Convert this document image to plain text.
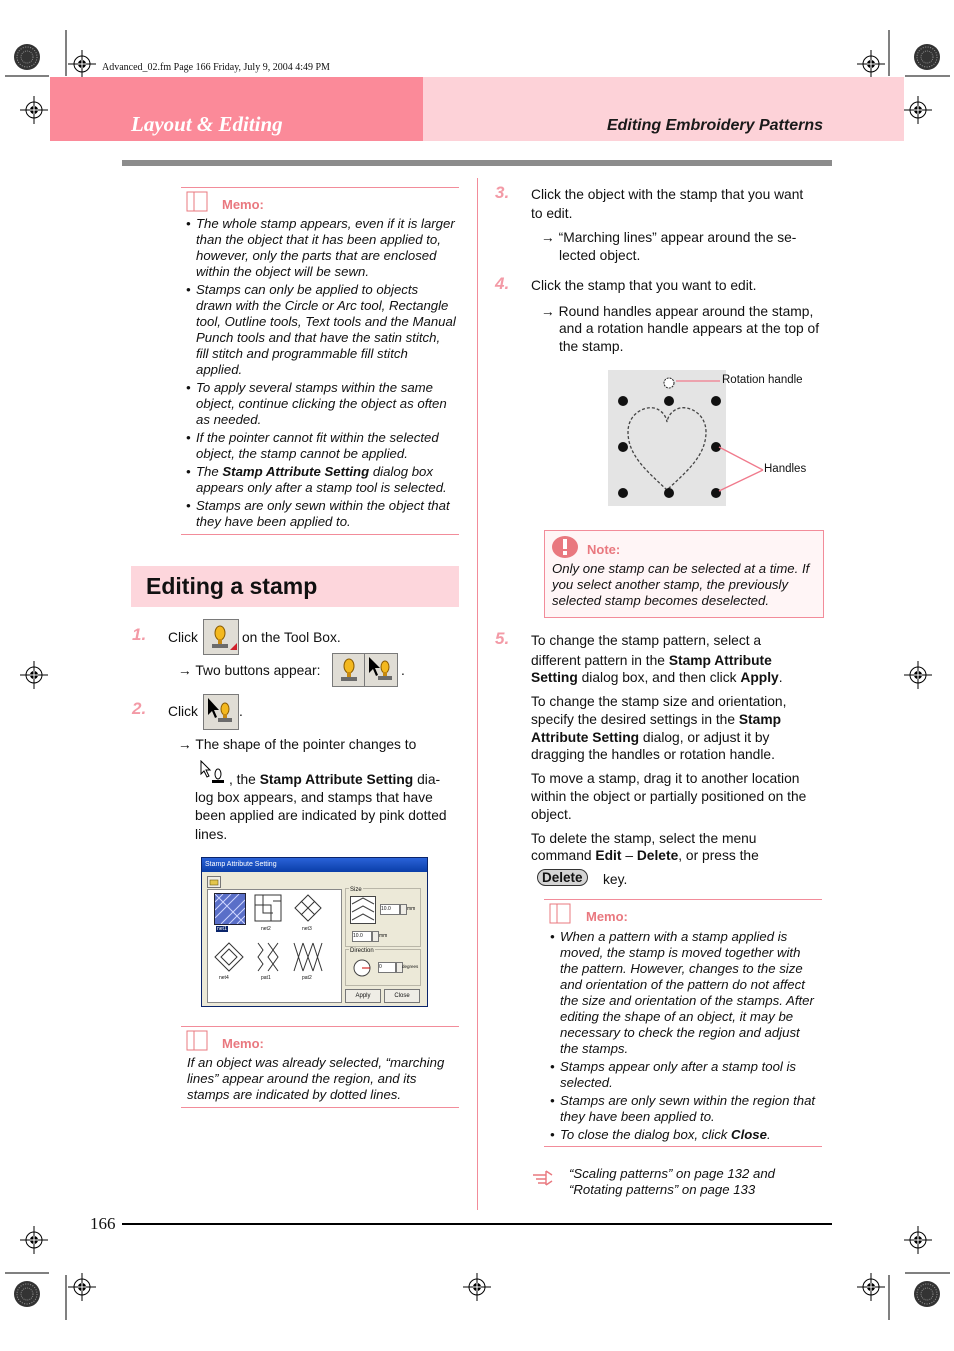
Advanced_02.fm Page 166 Friday, July 9, 2004 4:49 PM
Layout & Editing	Editing Embroidery Patterns
Memo:
• The whole stamp appears, even if it is larger than the object that it has been applied to, however, only the parts that are enclosed within the object will be sewn.
• Stamps can only be applied to objects drawn with the Circle or Arc tool, Rectangle tool, Outline tools, Text tools and the Manual Punch tools and that have the satin stitch, fill stitch and programmable fill stitch applied.
• To apply several stamps within the same object, continue clicking the object as often as needed.
• If the pointer cannot fit within the selected object, the stamp cannot be applied.
• The Stamp Attribute Setting dialog box appears only after a stamp tool is selected.
• Stamps are only sewn within the object that they have been applied to.
Editing a stamp
1. Click	on the Tool Box.
→ Two buttons appear:	.
2. Click	.
→ The shape of the pointer changes to
, the Stamp Attribute Setting dia-
log box appears, and stamps that have
been applied are indicated by pink dotted
lines.
Stamp Attribute Setting
net1	net2	net3
net4	pat1	pat2
Size
10.0	mm
10.0	mm
Direction
0	degrees
Apply	Close
Memo:
If an object was already selected, “marching lines” appear around the region, and its stamps are indicated by dotted lines.
3. Click the object with the stamp that you want
to edit.
→ “Marching lines” appear around the se-
lected object.
4. Click the stamp that you want to edit.
→ Round handles appear around the stamp,
and a rotation handle appears at the top of
the stamp.
Rotation handle
Handles
Note:
Only one stamp can be selected at a time. If you select another stamp, the previously selected stamp becomes deselected.
5. To change the stamp pattern, select a
different pattern in the Stamp Attribute
Setting dialog box, and then click Apply.
To change the stamp size and orientation,
specify the desired settings in the Stamp
Attribute Setting dialog, or adjust it by
dragging the handles or rotation handle.
To move a stamp, drag it to another location
within the object or partially positioned on the
object.
To delete the stamp, select the menu
command Edit – Delete, or press the
Delete	key.
Memo:
• When a pattern with a stamp applied is moved, the stamp is moved together with the pattern. However, changes to the size and orientation of the pattern do not affect the size and orientation of the stamps. After editing the shape of an object, it may be necessary to check the region and adjust the stamps.
• Stamps appear only after a stamp tool is selected.
• Stamps are only sewn within the region that they have been applied to.
• To close the dialog box, click Close.
“Scaling patterns” on page 132 and
“Rotating patterns” on page 133
166
